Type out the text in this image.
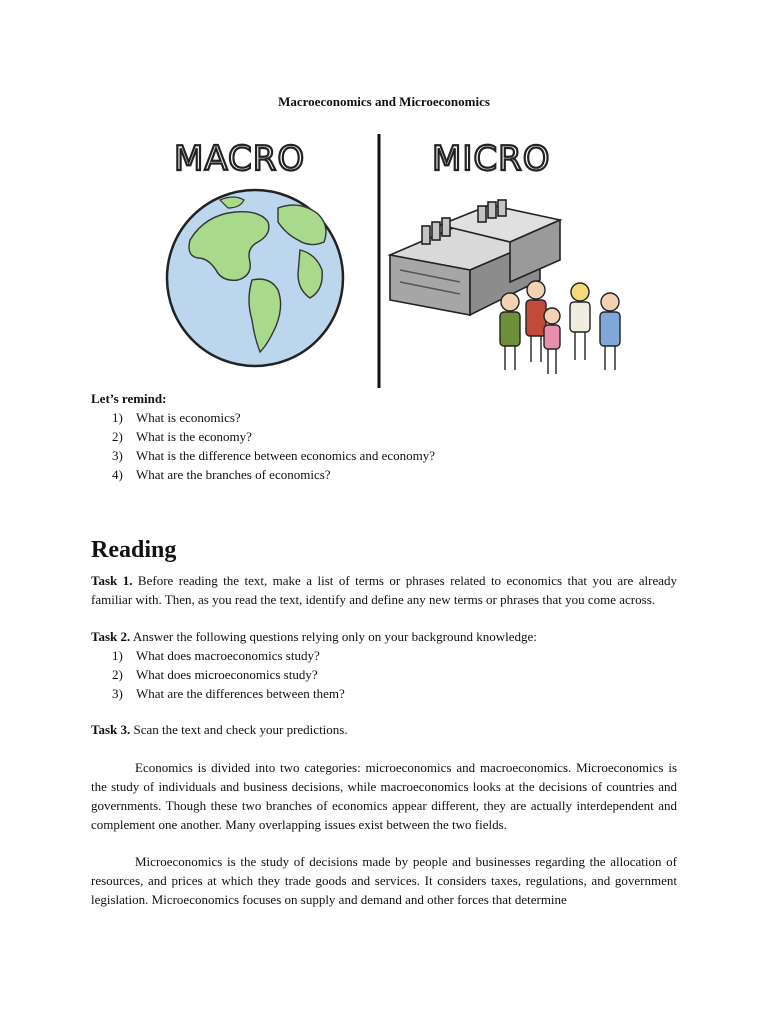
Macroeconomics and Microeconomics
MACRO	MICRO
Let’s remind:
1) What is economics?
2) What is the economy?
3) What is the difference between economics and economy?
4) What are the branches of economics?
Reading

Task 1. Before reading the text, make a list of terms or phrases related to economics that you are already familiar with. Then, as you read the text, identify and define any new terms or phrases that you come across.

Task 2. Answer the following questions relying only on your background knowledge:

1) What does macroeconomics study?
2) What does microeconomics study?
3) What are the differences between them?

Task 3. Scan the text and check your predictions.

Economics is divided into two categories: microeconomics and macroeconomics. Microeconomics is the study of individuals and business decisions, while macroeconomics looks at the decisions of countries and governments. Though these two branches of economics appear different, they are actually interdependent and complement one another. Many overlapping issues exist between the two fields.

Microeconomics is the study of decisions made by people and businesses regarding the allocation of resources, and prices at which they trade goods and services. It considers taxes, regulations, and government legislation. Microeconomics focuses on supply and demand and other forces that determine
